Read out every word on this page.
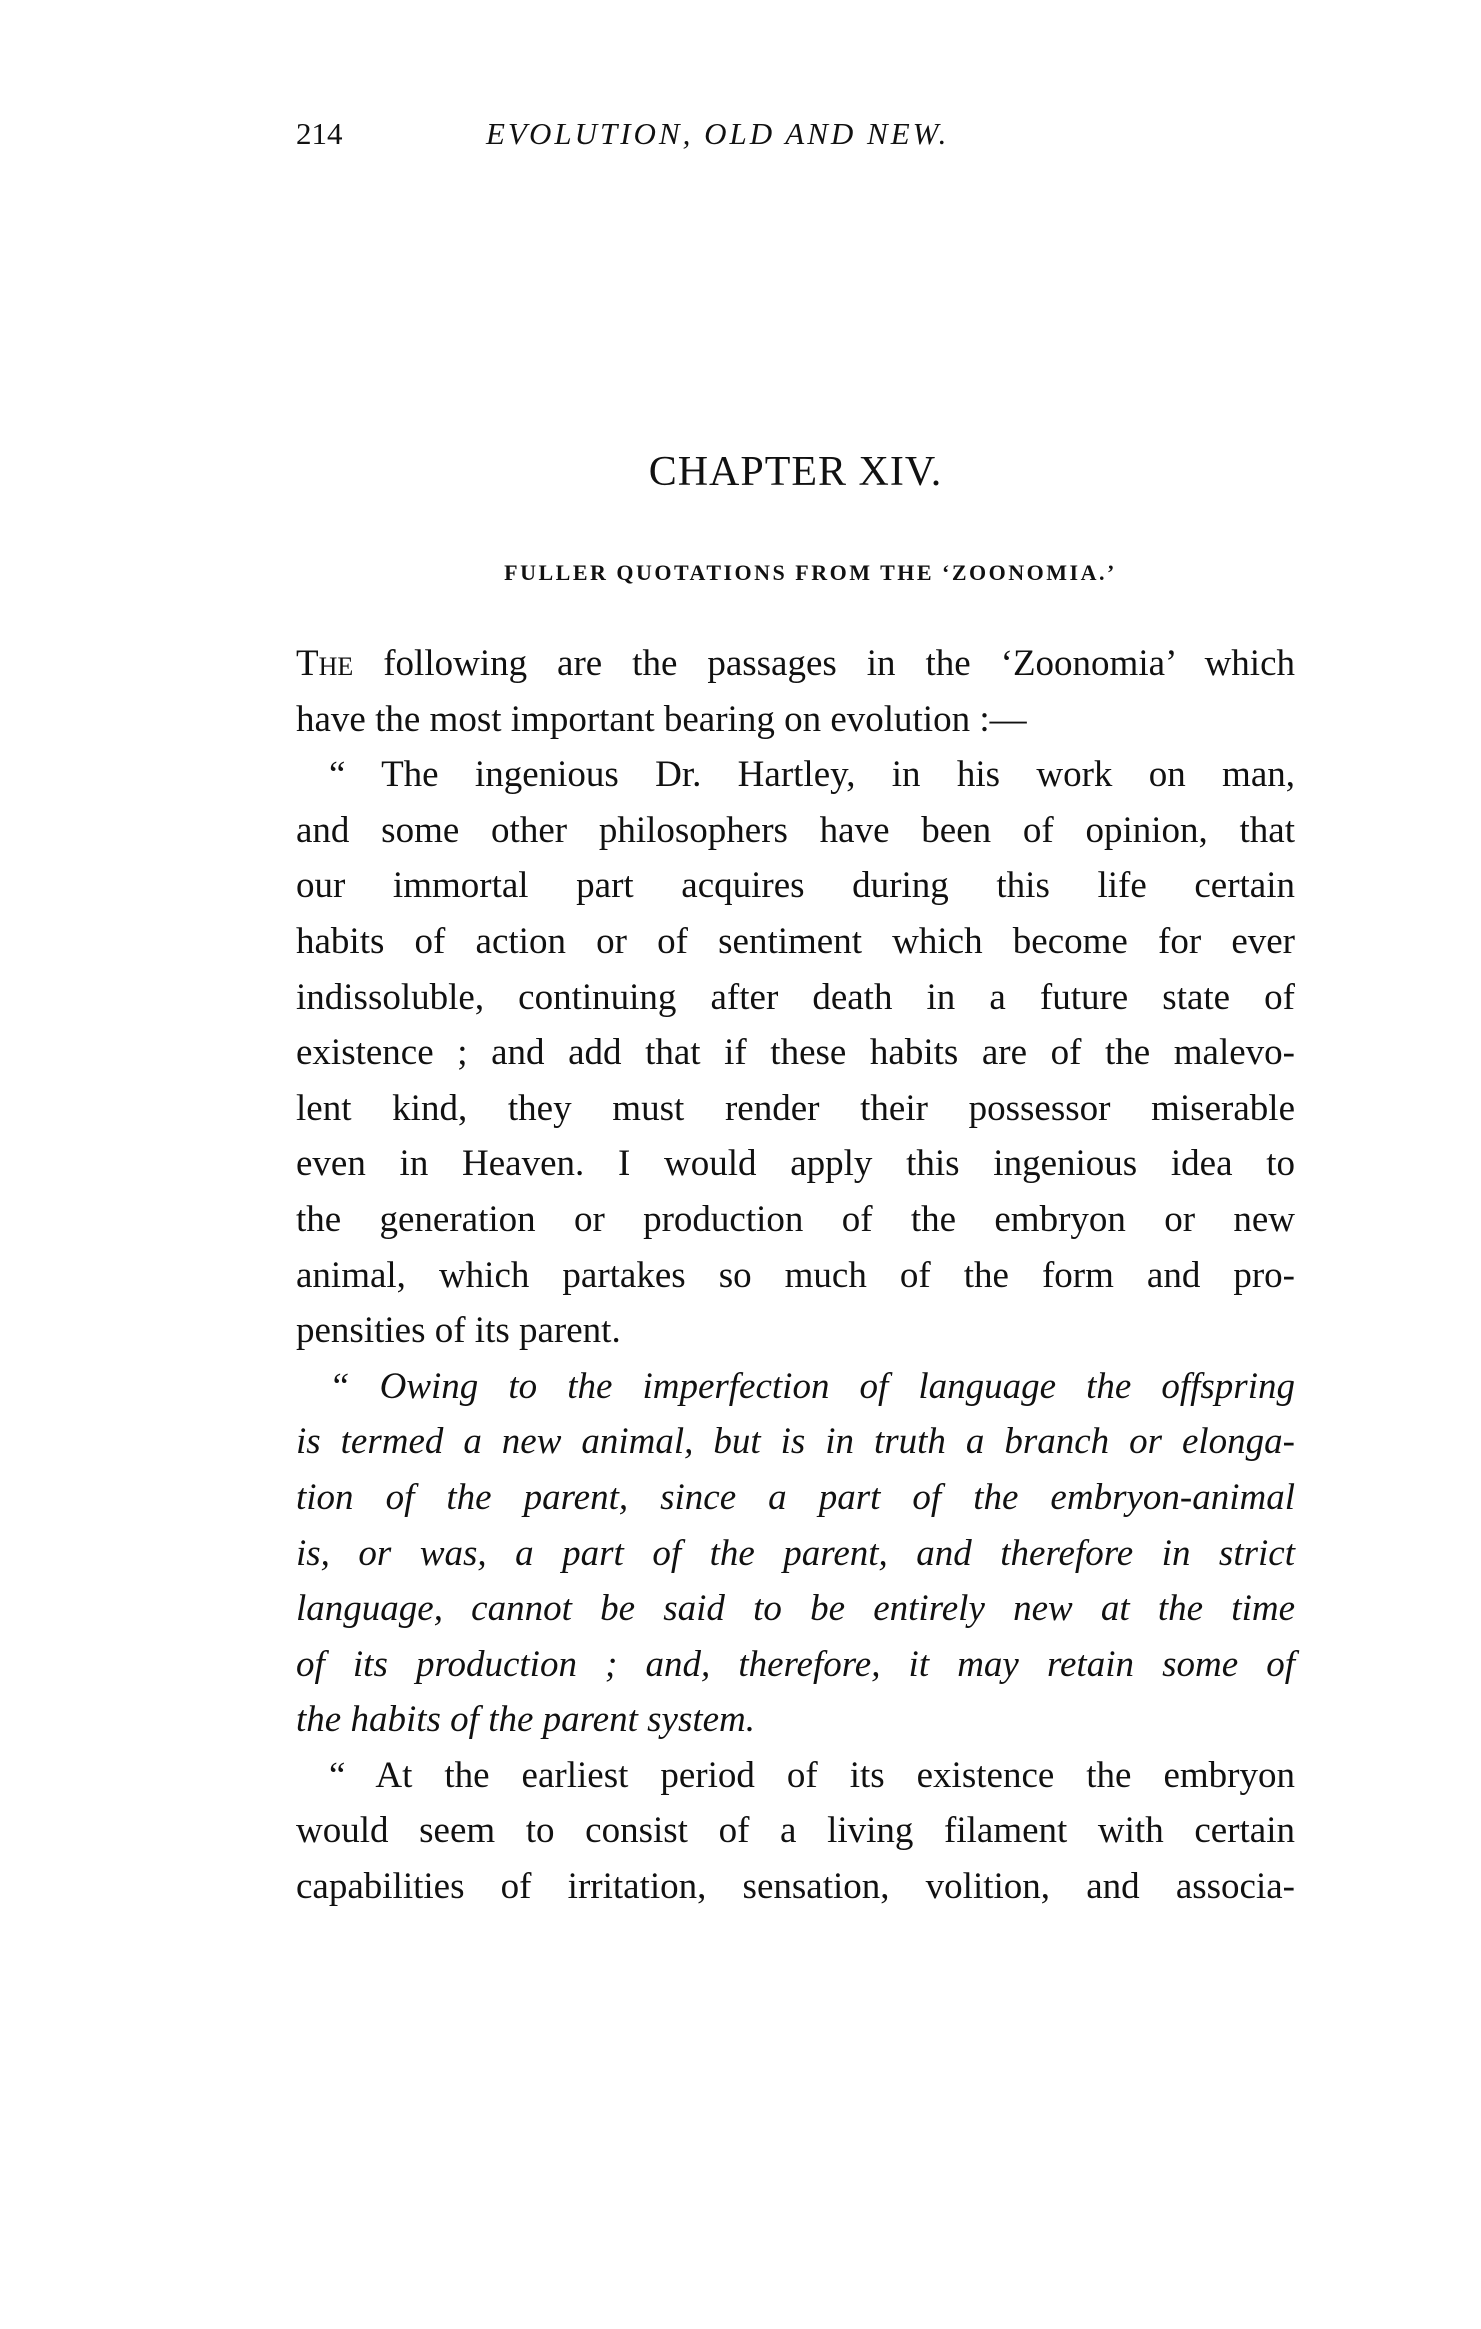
214	EVOLUTION, OLD AND NEW.
CHAPTER XIV.
FULLER QUOTATIONS FROM THE ‘ZOONOMIA.’
The following are the passages in the ‘Zoonomia’ which
have the most important bearing on evolution :—
“ The ingenious Dr. Hartley, in his work on man,
and some other philosophers have been of opinion, that
our immortal part acquires during this life certain
habits of action or of sentiment which become for ever
indissoluble, continuing after death in a future state of
existence ; and add that if these habits are of the malevo-
lent kind, they must render their possessor miserable
even in Heaven. I would apply this ingenious idea to
the generation or production of the embryon or new
animal, which partakes so much of the form and pro-
pensities of its parent.
“ Owing to the imperfection of language the offspring
is termed a new animal, but is in truth a branch or elonga-
tion of the parent, since a part of the embryon-animal
is, or was, a part of the parent, and therefore in strict
language, cannot be said to be entirely new at the time
of its production ; and, therefore, it may retain some of
the habits of the parent system.
“ At the earliest period of its existence the embryon
would seem to consist of a living filament with certain
capabilities of irritation, sensation, volition, and associa-
